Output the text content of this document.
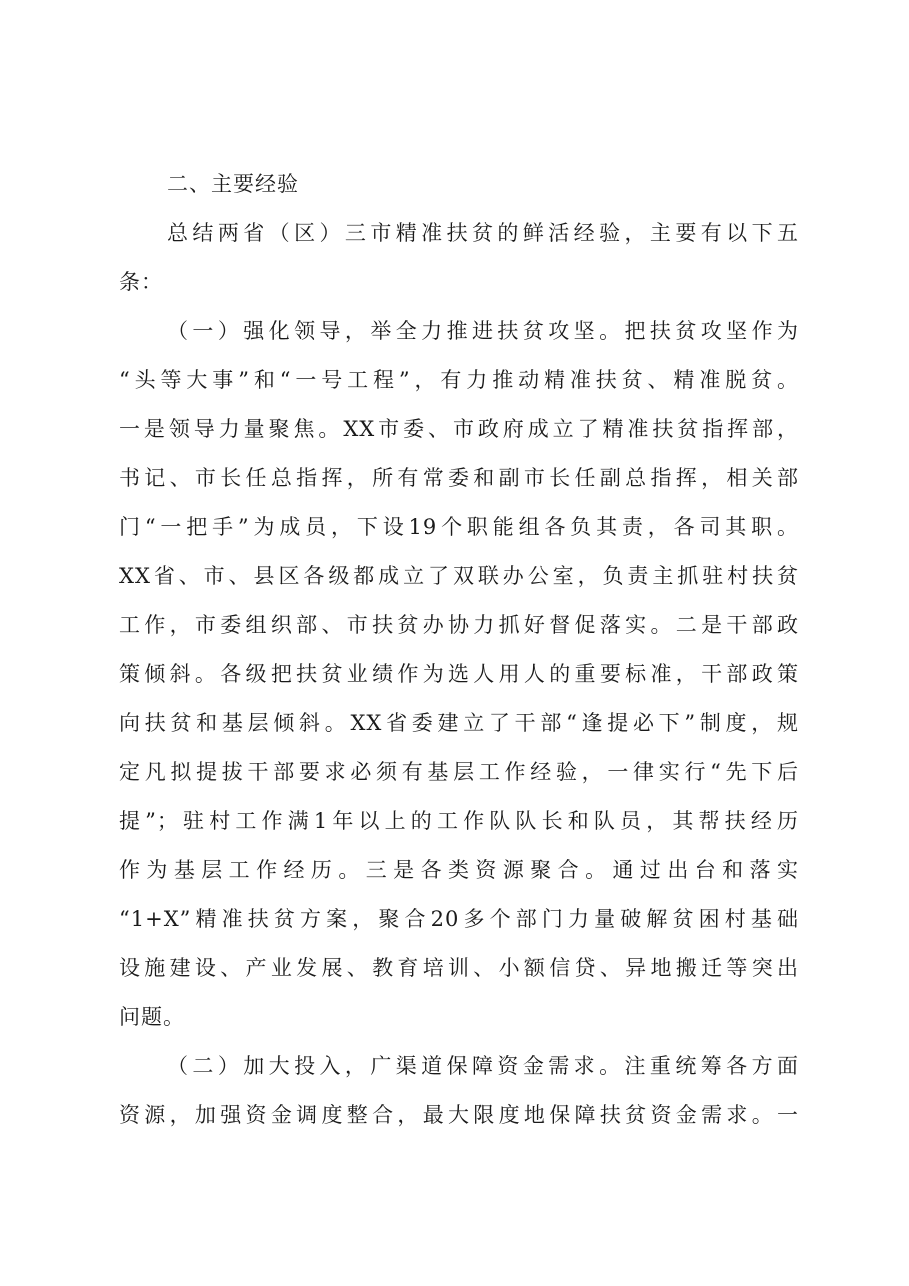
二、主要经验

总结两省（区）三市精准扶贫的鲜活经验，主要有以下五

条：

（一）强化领导，举全力推进扶贫攻坚。把扶贫攻坚作为

“头等大事”和“一号工程”，有力推动精准扶贫、精准脱贫。

一是领导力量聚焦。XX市委、市政府成立了精准扶贫指挥部，

书记、市长任总指挥，所有常委和副市长任副总指挥，相关部

门“一把手”为成员，下设19个职能组各负其责，各司其职。

XX省、市、县区各级都成立了双联办公室，负责主抓驻村扶贫

工作，市委组织部、市扶贫办协力抓好督促落实。二是干部政

策倾斜。各级把扶贫业绩作为选人用人的重要标准，干部政策

向扶贫和基层倾斜。XX省委建立了干部“逢提必下”制度，规

定凡拟提拔干部要求必须有基层工作经验，一律实行“先下后

提”；驻村工作满1年以上的工作队队长和队员，其帮扶经历

作为基层工作经历。三是各类资源聚合。通过出台和落实

“1+X”精准扶贫方案，聚合20多个部门力量破解贫困村基础

设施建设、产业发展、教育培训、小额信贷、异地搬迁等突出

问题。

（二）加大投入，广渠道保障资金需求。注重统筹各方面

资源，加强资金调度整合，最大限度地保障扶贫资金需求。一
